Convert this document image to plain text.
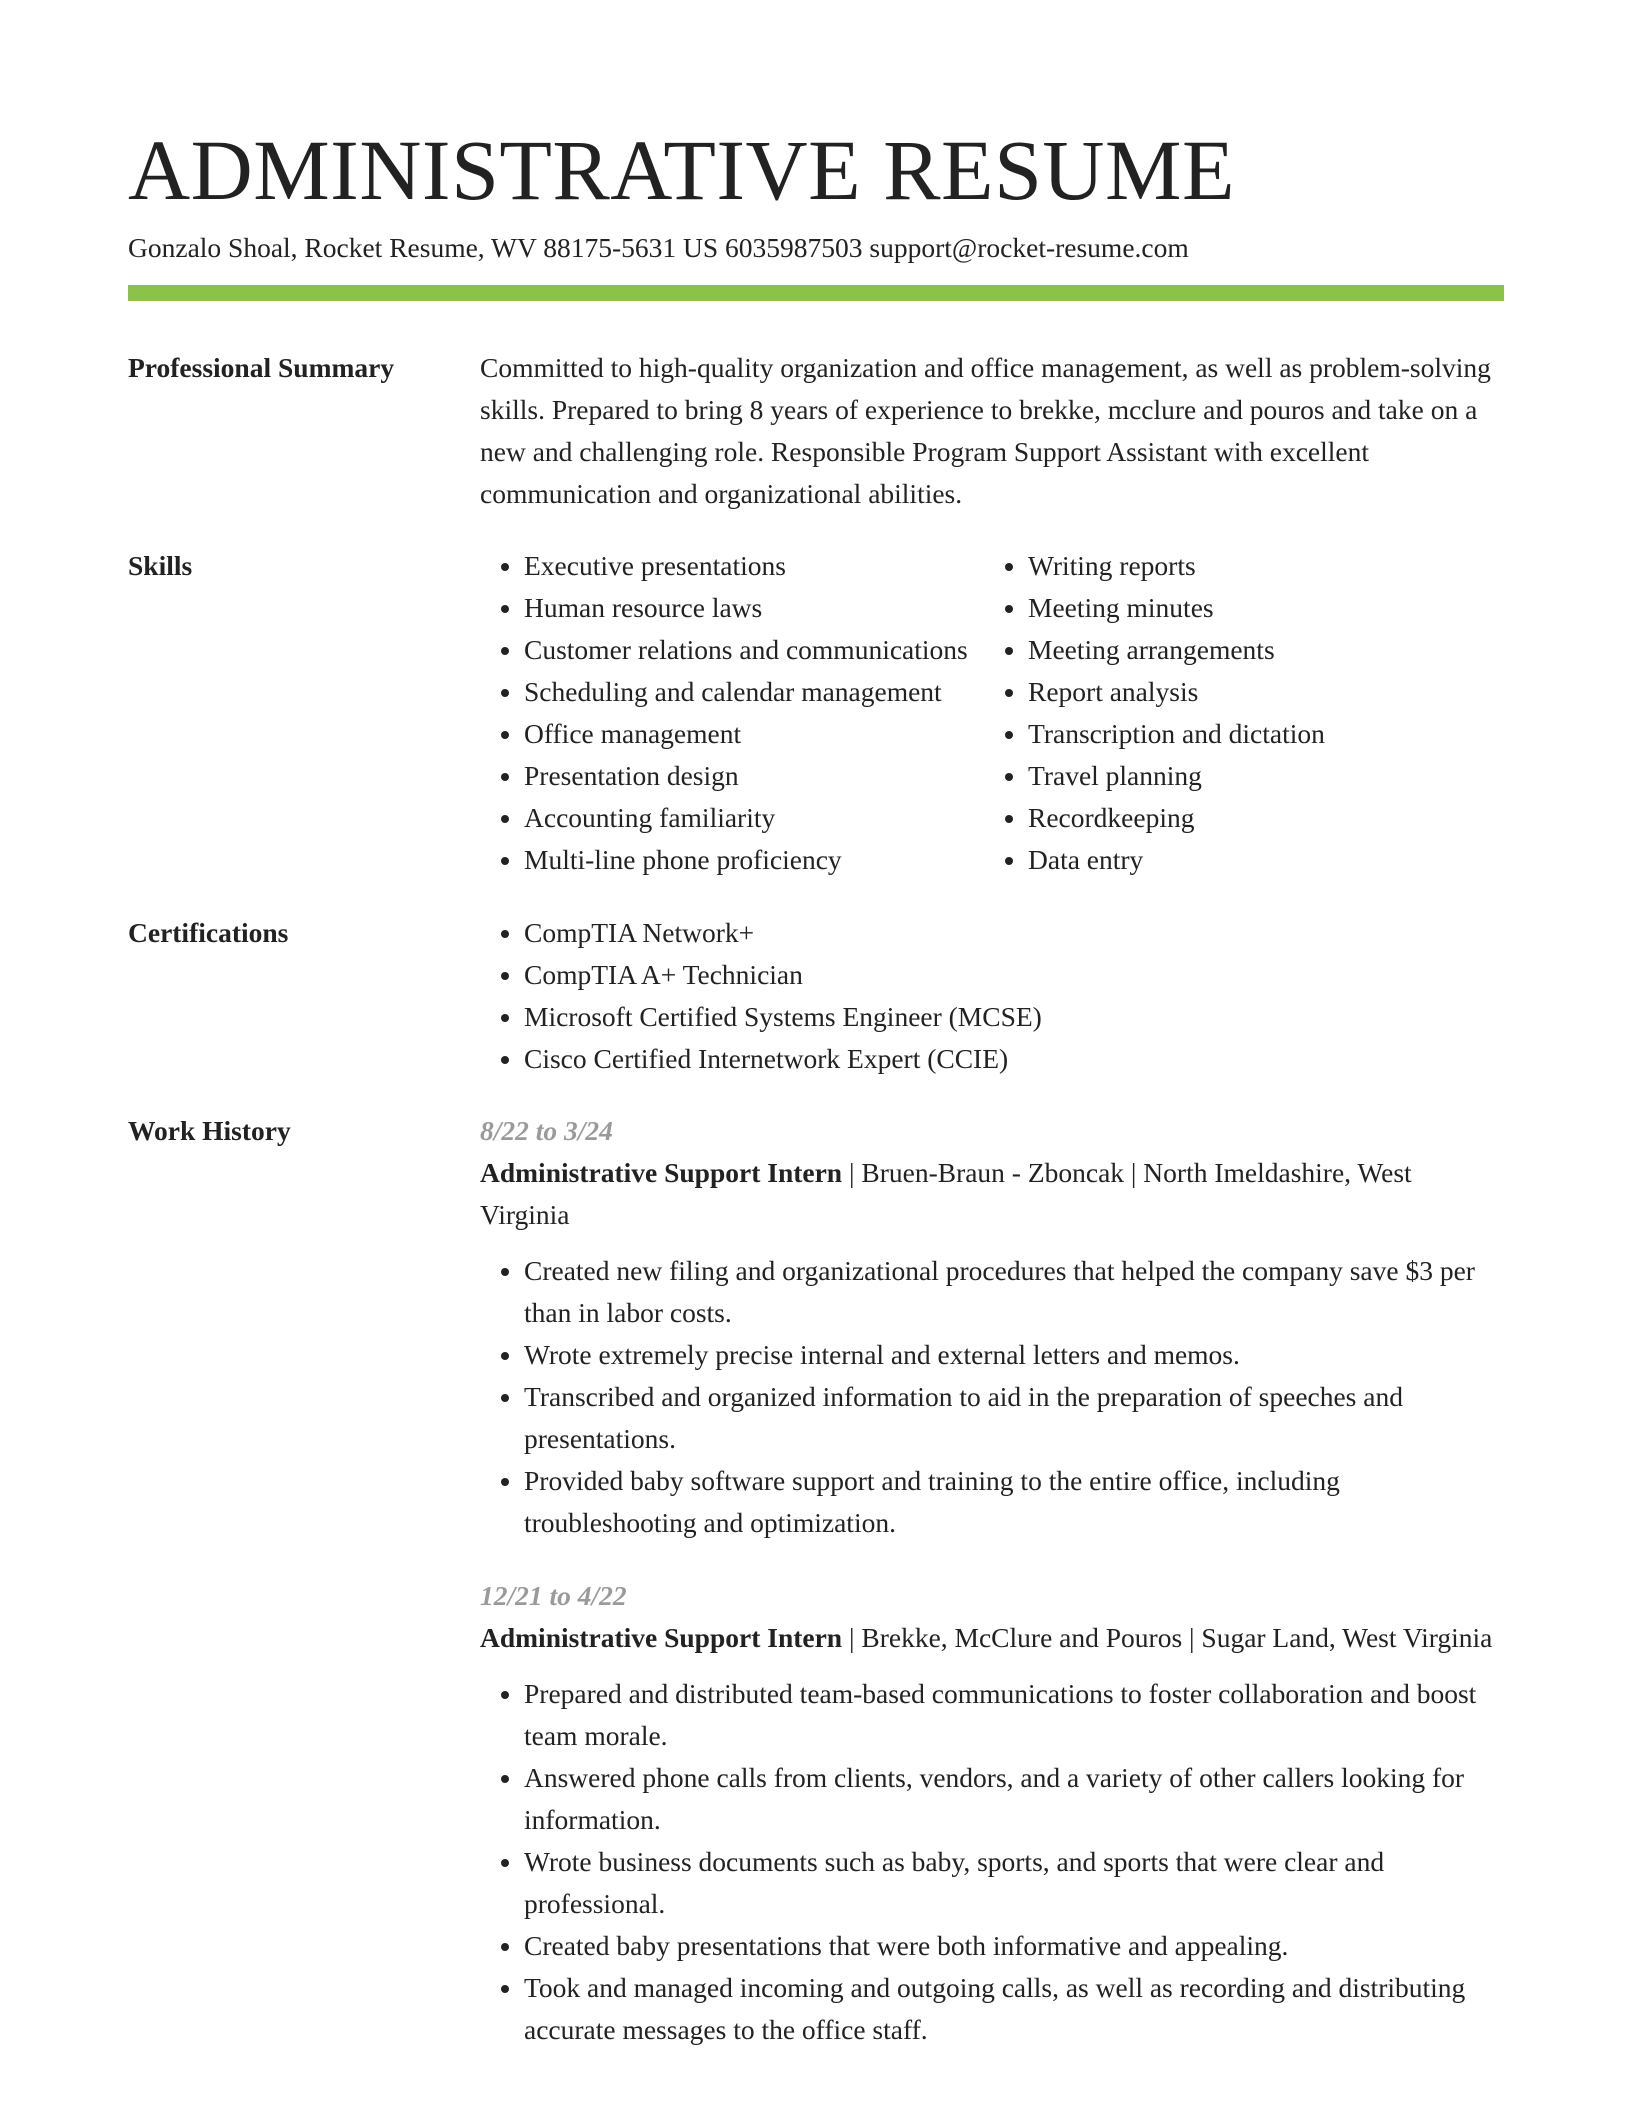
ADMINISTRATIVE RESUME
Gonzalo Shoal, Rocket Resume, WV 88175-5631 US 6035987503 support@rocket-resume.com
Professional Summary	Committed to high-quality organization and office management, as well as problem-solving skills. Prepared to bring 8 years of experience to brekke, mcclure and pouros and take on a new and challenging role. Responsible Program Support Assistant with excellent communication and organizational abilities.

Skills	• Executive presentations
• Human resource laws
• Customer relations and communications
• Scheduling and calendar management
• Office management
• Presentation design
• Accounting familiarity
• Multi-line phone proficiency
• Writing reports
• Meeting minutes
• Meeting arrangements
• Report analysis
• Transcription and dictation
• Travel planning
• Recordkeeping
• Data entry
Certifications	• CompTIA Network+
• CompTIA A+ Technician
• Microsoft Certified Systems Engineer (MCSE)
• Cisco Certified Internetwork Expert (CCIE)
Work History	8/22 to 3/24

Administrative Support Intern | Bruen-Braun - Zboncak | North Imeldashire, West Virginia

• Created new filing and organizational procedures that helped the company save $3 per than in labor costs.
• Wrote extremely precise internal and external letters and memos.
• Transcribed and organized information to aid in the preparation of speeches and presentations.
• Provided baby software support and training to the entire office, including troubleshooting and optimization.
12/21 to 4/22

Administrative Support Intern | Brekke, McClure and Pouros | Sugar Land, West Virginia

• Prepared and distributed team-based communications to foster collaboration and boost team morale.
• Answered phone calls from clients, vendors, and a variety of other callers looking for information.
• Wrote business documents such as baby, sports, and sports that were clear and professional.
• Created baby presentations that were both informative and appealing.
• Took and managed incoming and outgoing calls, as well as recording and distributing accurate messages to the office staff.
